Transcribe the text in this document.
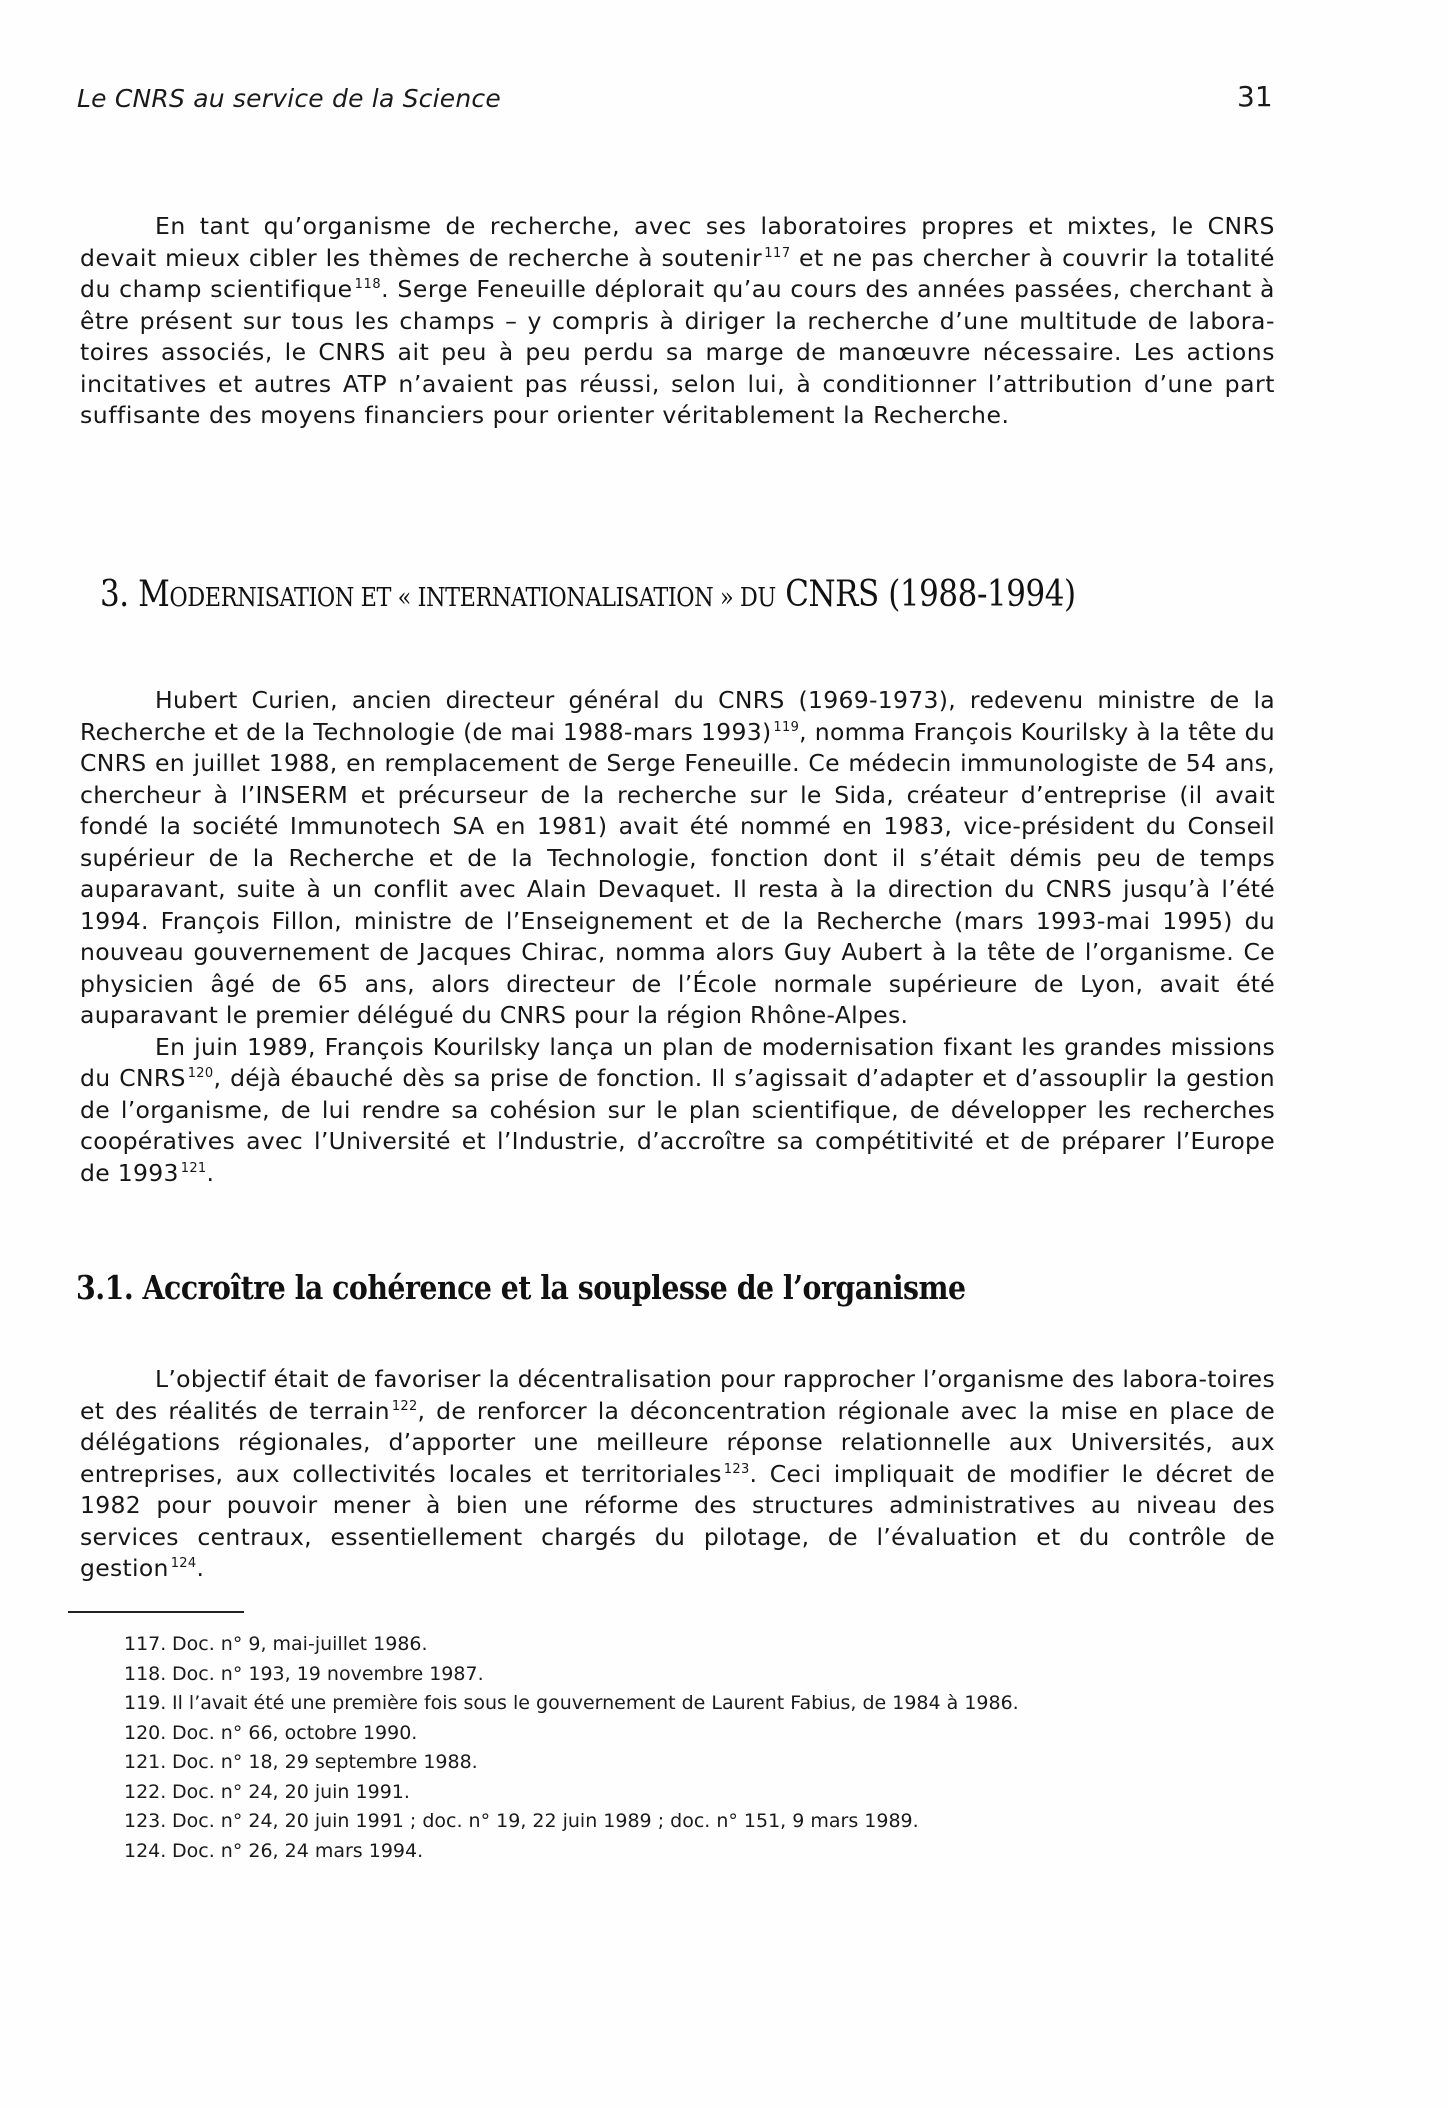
Le CNRS au service de la Science	31

En tant qu’organisme de recherche, avec ses laboratoires propres et mixtes, le CNRS devait mieux cibler les thèmes de recherche à soutenir $^{117}$ et ne pas chercher à couvrir la totalité du champ scientifique $^{118}$. Serge Feneuille déplorait qu’au cours des années passées, cherchant à être présent sur tous les champs – y compris à diriger la recherche d’une multitude de labora-toires associés, le CNRS ait peu à peu perdu sa marge de manœuvre nécessaire. Les actions incitatives et autres ATP n’avaient pas réussi, selon lui, à conditionner l’attribution d’une part suffisante des moyens financiers pour orienter véritablement la Recherche.

3. MODERNISATION ET « INTERNATIONALISATION » DU CNRS (1988-1994)

Hubert Curien, ancien directeur général du CNRS (1969-1973), redevenu ministre de la Recherche et de la Technologie (de mai 1988-mars 1993) $^{119}$, nomma François Kourilsky à la tête du CNRS en juillet 1988, en remplacement de Serge Feneuille. Ce médecin immunologiste de 54 ans, chercheur à l’INSERM et précurseur de la recherche sur le Sida, créateur d’entreprise (il avait fondé la société Immunotech SA en 1981) avait été nommé en 1983, vice-président du Conseil supérieur de la Recherche et de la Technologie, fonction dont il s’était démis peu de temps auparavant, suite à un conflit avec Alain Devaquet. Il resta à la direction du CNRS jusqu’à l’été 1994. François Fillon, ministre de l’Enseignement et de la Recherche (mars 1993-mai 1995) du nouveau gouvernement de Jacques Chirac, nomma alors Guy Aubert à la tête de l’organisme. Ce physicien âgé de 65 ans, alors directeur de l’École normale supérieure de Lyon, avait été auparavant le premier délégué du CNRS pour la région Rhône-Alpes.

En juin 1989, François Kourilsky lança un plan de modernisation fixant les grandes missions du CNRS $^{120}$, déjà ébauché dès sa prise de fonction. Il s’agissait d’adapter et d’assouplir la gestion de l’organisme, de lui rendre sa cohésion sur le plan scientifique, de développer les recherches coopératives avec l’Université et l’Industrie, d’accroître sa compétitivité et de préparer l’Europe de 1993 $^{121}$.

3.1. Accroître la cohérence et la souplesse de l’organisme

L’objectif était de favoriser la décentralisation pour rapprocher l’organisme des labora-toires et des réalités de terrain $^{122}$, de renforcer la déconcentration régionale avec la mise en place de délégations régionales, d’apporter une meilleure réponse relationnelle aux Universités, aux entreprises, aux collectivités locales et territoriales $^{123}$. Ceci impliquait de modifier le décret de 1982 pour pouvoir mener à bien une réforme des structures administratives au niveau des services centraux, essentiellement chargés du pilotage, de l’évaluation et du contrôle de gestion $^{124}$.

117. Doc. n° 9, mai-juillet 1986.
118. Doc. n° 193, 19 novembre 1987.
119. Il l’avait été une première fois sous le gouvernement de Laurent Fabius, de 1984 à 1986.
120. Doc. n° 66, octobre 1990.
121. Doc. n° 18, 29 septembre 1988.
122. Doc. n° 24, 20 juin 1991.
123. Doc. n° 24, 20 juin 1991 ; doc. n° 19, 22 juin 1989 ; doc. n° 151, 9 mars 1989.
124. Doc. n° 26, 24 mars 1994.
